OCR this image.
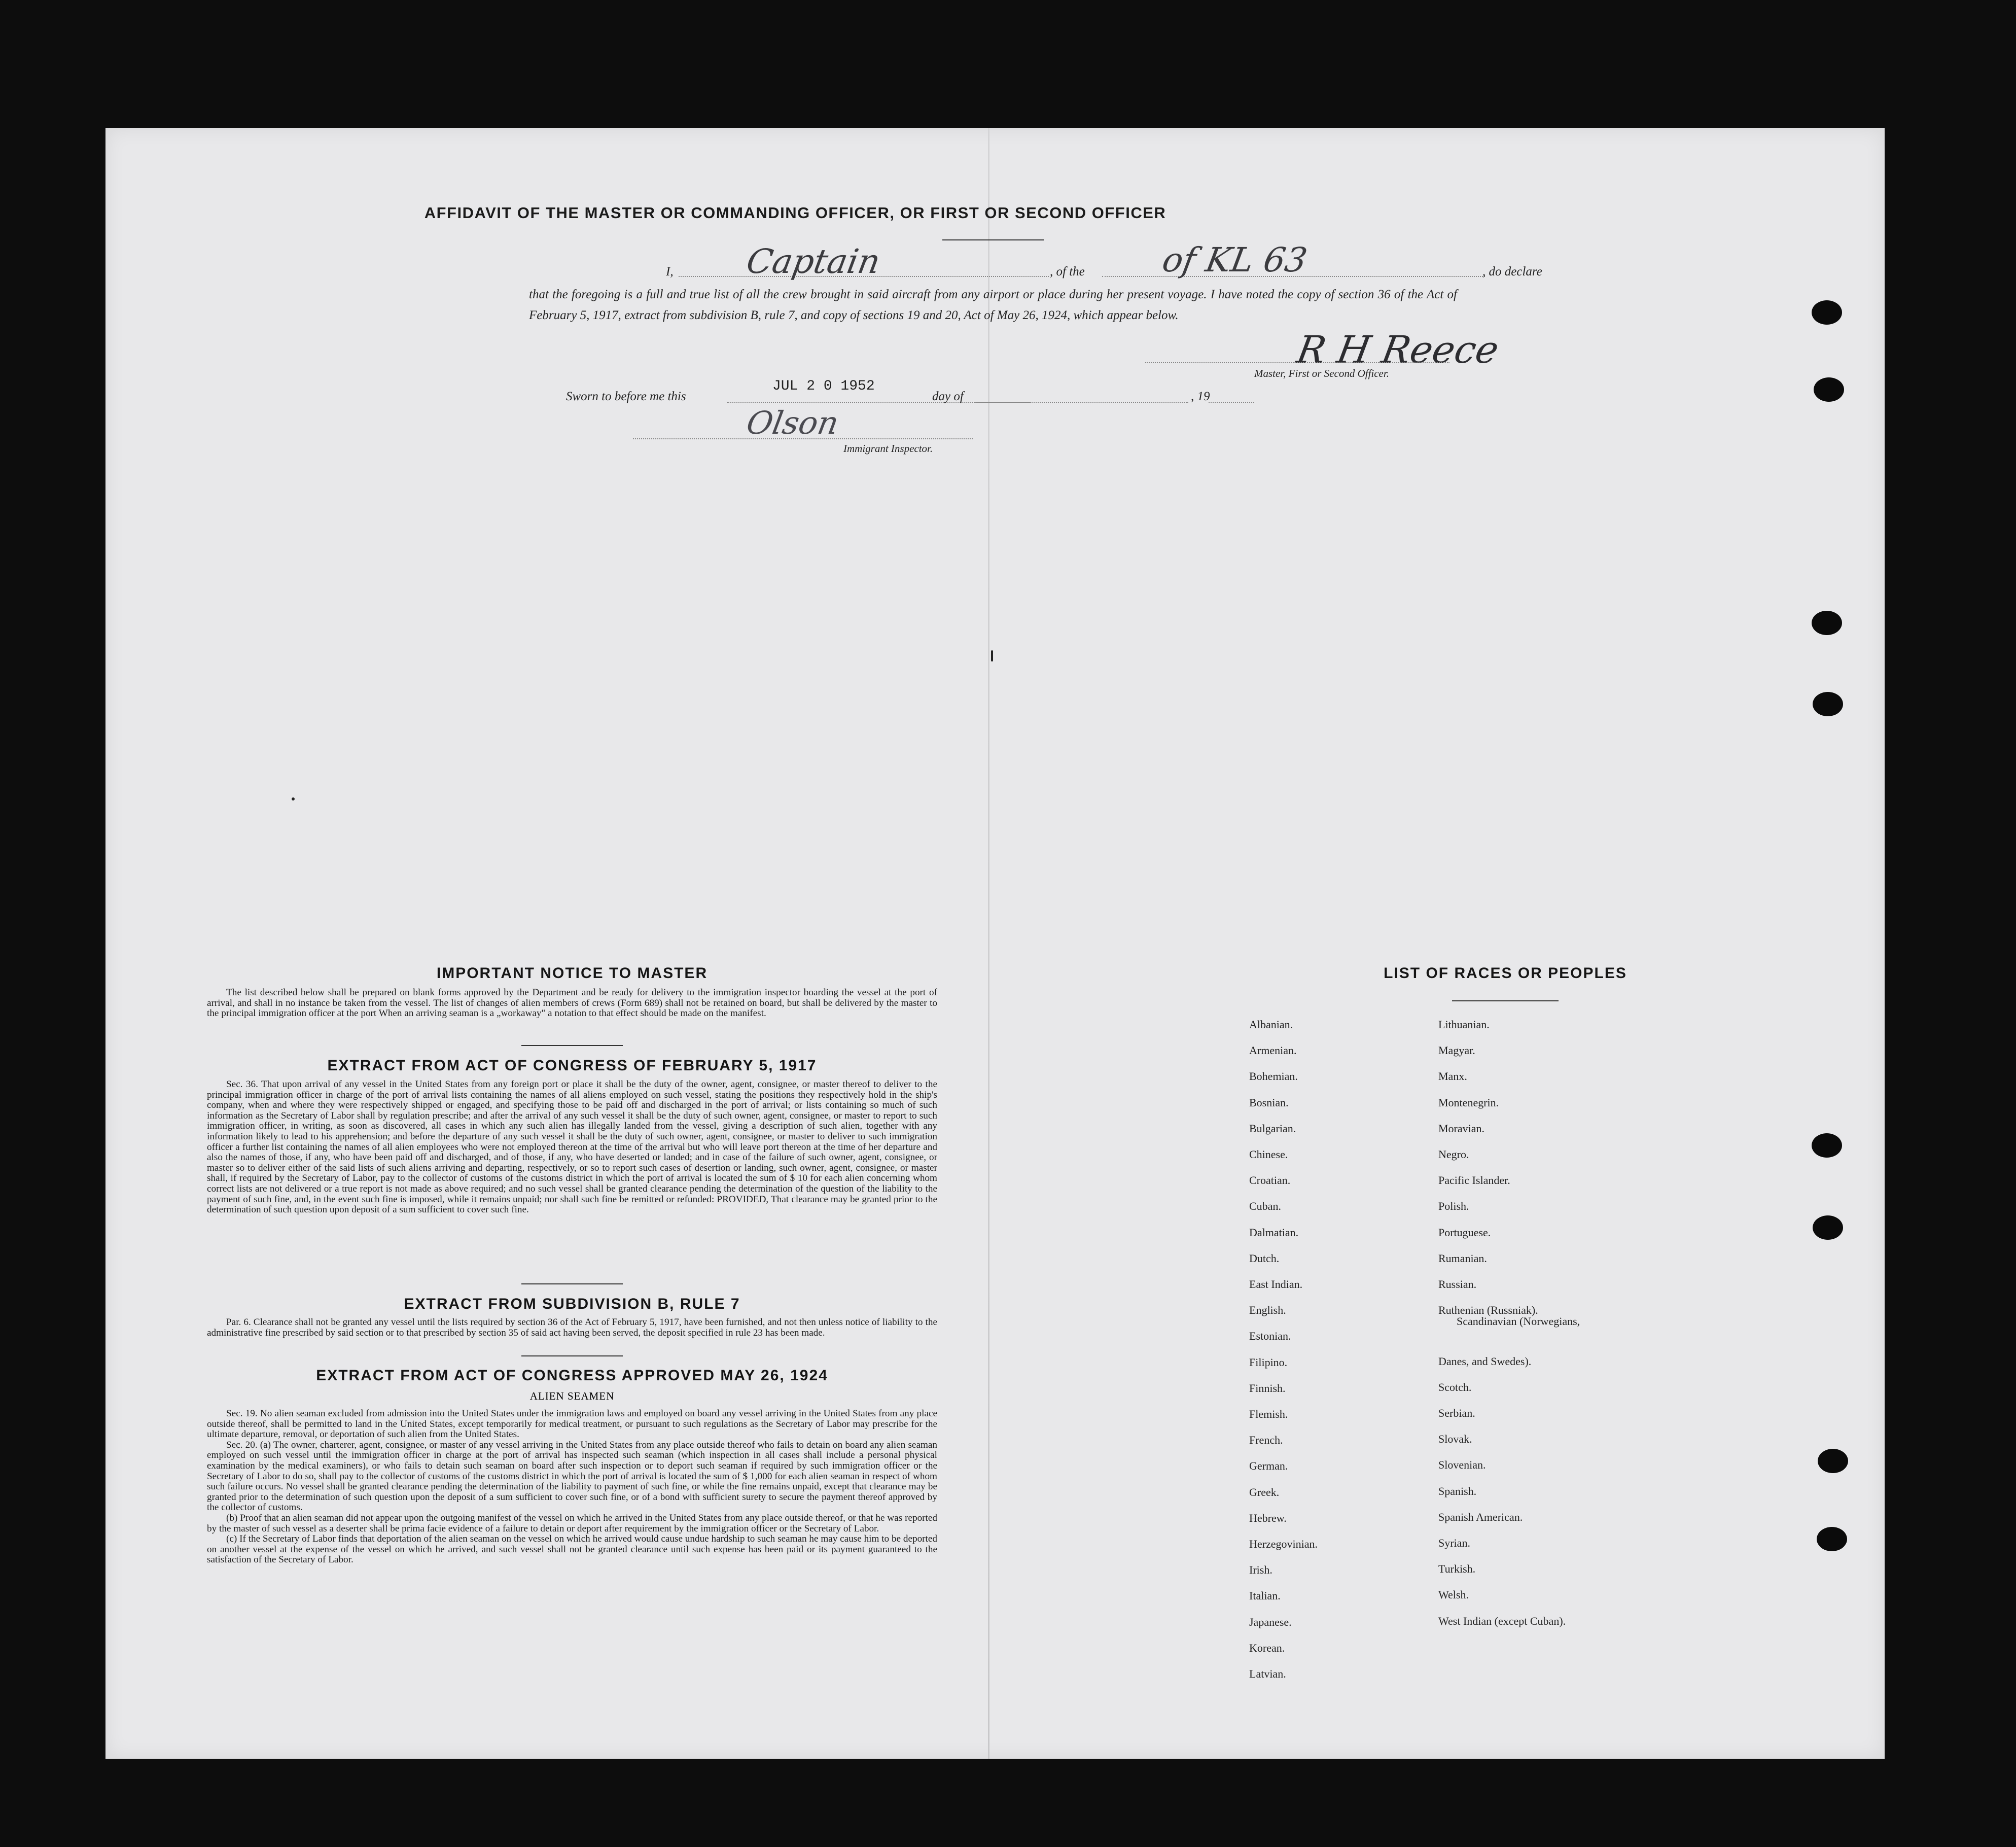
AFFIDAVIT OF THE MASTER OR COMMANDING OFFICER, OR FIRST OR SECOND OFFICER
I, Captain	, of the of KL 63	, do declare
that the foregoing is a full and true list of all the crew brought in said aircraft from any airport or place during her present voyage. I have noted the copy of section 36 of the Act of February 5, 1917, extract from subdivision B, rule 7, and copy of sections 19 and 20, Act of May 26, 1924, which appear below.
R H Reece
Master, First or Second Officer.
Sworn to before me this
JUL 2 0 1952
day of	, 19
Olson
Immigrant Inspector.
IMPORTANT NOTICE TO MASTER

The list described below shall be prepared on blank forms approved by the Department and be ready for delivery to the immigration inspector boarding the vessel at the port of arrival, and shall in no instance be taken from the vessel. The list of changes of alien members of crews (Form 689) shall not be retained on board, but shall be delivered by the master to the principal immigration officer at the port When an arriving seaman is a „workaway" a notation to that effect should be made on the manifest.

EXTRACT FROM ACT OF CONGRESS OF FEBRUARY 5, 1917

Sec. 36. That upon arrival of any vessel in the United States from any foreign port or place it shall be the duty of the owner, agent, consignee, or master thereof to deliver to the principal immigration officer in charge of the port of arrival lists containing the names of all aliens employed on such vessel, stating the positions they respectively hold in the ship's company, when and where they were respectively shipped or engaged, and specifying those to be paid off and discharged in the port of arrival; or lists containing so much of such information as the Secretary of Labor shall by regulation prescribe; and after the arrival of any such vessel it shall be the duty of such owner, agent, consignee, or master to report to such immigration officer, in writing, as soon as discovered, all cases in which any such alien has illegally landed from the vessel, giving a description of such alien, together with any information likely to lead to his apprehension; and before the departure of any such vessel it shall be the duty of such owner, agent, consignee, or master to deliver to such immigration officer a further list containing the names of all alien employees who were not employed thereon at the time of the arrival but who will leave port thereon at the time of her departure and also the names of those, if any, who have been paid off and discharged, and of those, if any, who have deserted or landed; and in case of the failure of such owner, agent, consignee, or master so to deliver either of the said lists of such aliens arriving and departing, respectively, or so to report such cases of desertion or landing, such owner, agent, consignee, or master shall, if required by the Secretary of Labor, pay to the collector of customs of the customs district in which the port of arrival is located the sum of $ 10 for each alien concerning whom correct lists are not delivered or a true report is not made as above required; and no such vessel shall be granted clearance pending the determination of the question of the liability to the payment of such fine, and, in the event such fine is imposed, while it remains unpaid; nor shall such fine be remitted or refunded: PROVIDED, That clearance may be granted prior to the determination of such question upon deposit of a sum sufficient to cover such fine.

EXTRACT FROM SUBDIVISION B, RULE 7

Par. 6. Clearance shall not be granted any vessel until the lists required by section 36 of the Act of February 5, 1917, have been furnished, and not then unless notice of liability to the administrative fine prescribed by said section or to that prescribed by section 35 of said act having been served, the deposit specified in rule 23 has been made.

EXTRACT FROM ACT OF CONGRESS APPROVED MAY 26, 1924
ALIEN SEAMEN

Sec. 19. No alien seaman excluded from admission into the United States under the immigration laws and employed on board any vessel arriving in the United States from any place outside thereof, shall be permitted to land in the United States, except temporarily for medical treatment, or pursuant to such regulations as the Secretary of Labor may prescribe for the ultimate departure, removal, or deportation of such alien from the United States.

Sec. 20. (a) The owner, charterer, agent, consignee, or master of any vessel arriving in the United States from any place outside thereof who fails to detain on board any alien seaman employed on such vessel until the immigration officer in charge at the port of arrival has inspected such seaman (which inspection in all cases shall include a personal physical examination by the medical examiners), or who fails to detain such seaman on board after such inspection or to deport such seaman if required by such immigration officer or the Secretary of Labor to do so, shall pay to the collector of customs of the customs district in which the port of arrival is located the sum of $ 1,000 for each alien seaman in respect of whom such failure occurs. No vessel shall be granted clearance pending the determination of the liability to payment of such fine, or while the fine remains unpaid, except that clearance may be granted prior to the determination of such question upon the deposit of a sum sufficient to cover such fine, or of a bond with sufficient surety to secure the payment thereof approved by the collector of customs.

(b) Proof that an alien seaman did not appear upon the outgoing manifest of the vessel on which he arrived in the United States from any place outside thereof, or that he was reported by the master of such vessel as a deserter shall be prima facie evidence of a failure to detain or deport after requirement by the immigration officer or the Secretary of Labor.

(c) If the Secretary of Labor finds that deportation of the alien seaman on the vessel on which he arrived would cause undue hardship to such seaman he may cause him to be deported on another vessel at the expense of the vessel on which he arrived, and such vessel shall not be granted clearance until such expense has been paid or its payment guaranteed to the satisfaction of the Secretary of Labor.

LIST OF RACES OR PEOPLES
Albanian.
Armenian.
Bohemian.
Bosnian.
Bulgarian.
Chinese.
Croatian.
Cuban.
Dalmatian.
Dutch.
East Indian.
English.
Estonian.
Filipino.
Finnish.
Flemish.
French.
German.
Greek.
Hebrew.
Herzegovinian.
Irish.
Italian.
Japanese.
Korean.
Latvian.
Lithuanian.
Magyar.
Manx.
Montenegrin.
Moravian.
Negro.
Pacific Islander.
Polish.
Portuguese.
Rumanian.
Russian.
Ruthenian (Russniak).
Scandinavian (Norwegians,
Danes, and Swedes).
Scotch.
Serbian.
Slovak.
Slovenian.
Spanish.
Spanish American.
Syrian.
Turkish.
Welsh.
West Indian (except Cuban).
